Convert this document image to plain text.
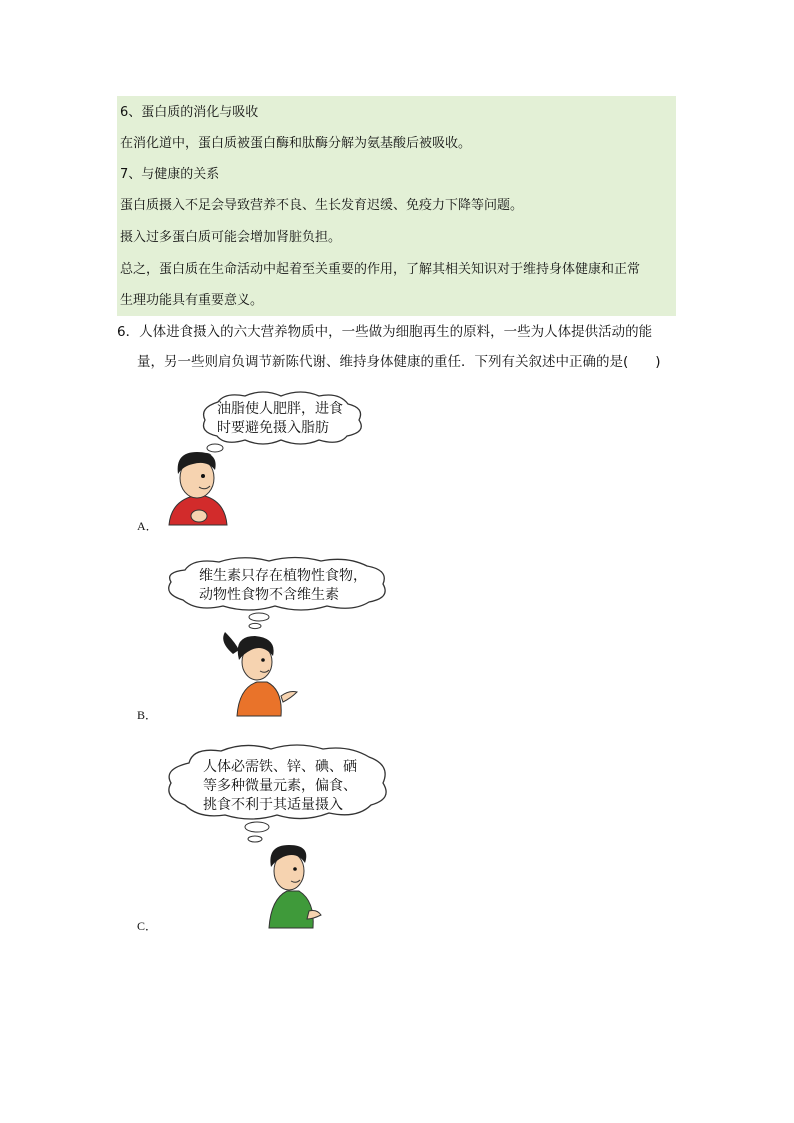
6、蛋白质的消化与吸收
在消化道中，蛋白质被蛋白酶和肽酶分解为氨基酸后被吸收。
7、与健康的关系
蛋白质摄入不足会导致营养不良、生长发育迟缓、免疫力下降等问题。
摄入过多蛋白质可能会增加肾脏负担。
总之，蛋白质在生命活动中起着至关重要的作用，了解其相关知识对于维持身体健康和正常
生理功能具有重要意义。
6．人体进食摄入的六大营养物质中，一些做为细胞再生的原料，一些为人体提供活动的能
量，另一些则肩负调节新陈代谢、维持身体健康的重任．下列有关叙述中正确的是(　　)
油脂使人肥胖，进食
时要避免摄入脂肪
A．
维生素只存在植物性食物，
动物性食物不含维生素
B．
人体必需铁、锌、碘、硒
等多种微量元素，偏食、
挑食不利于其适量摄入
C．
